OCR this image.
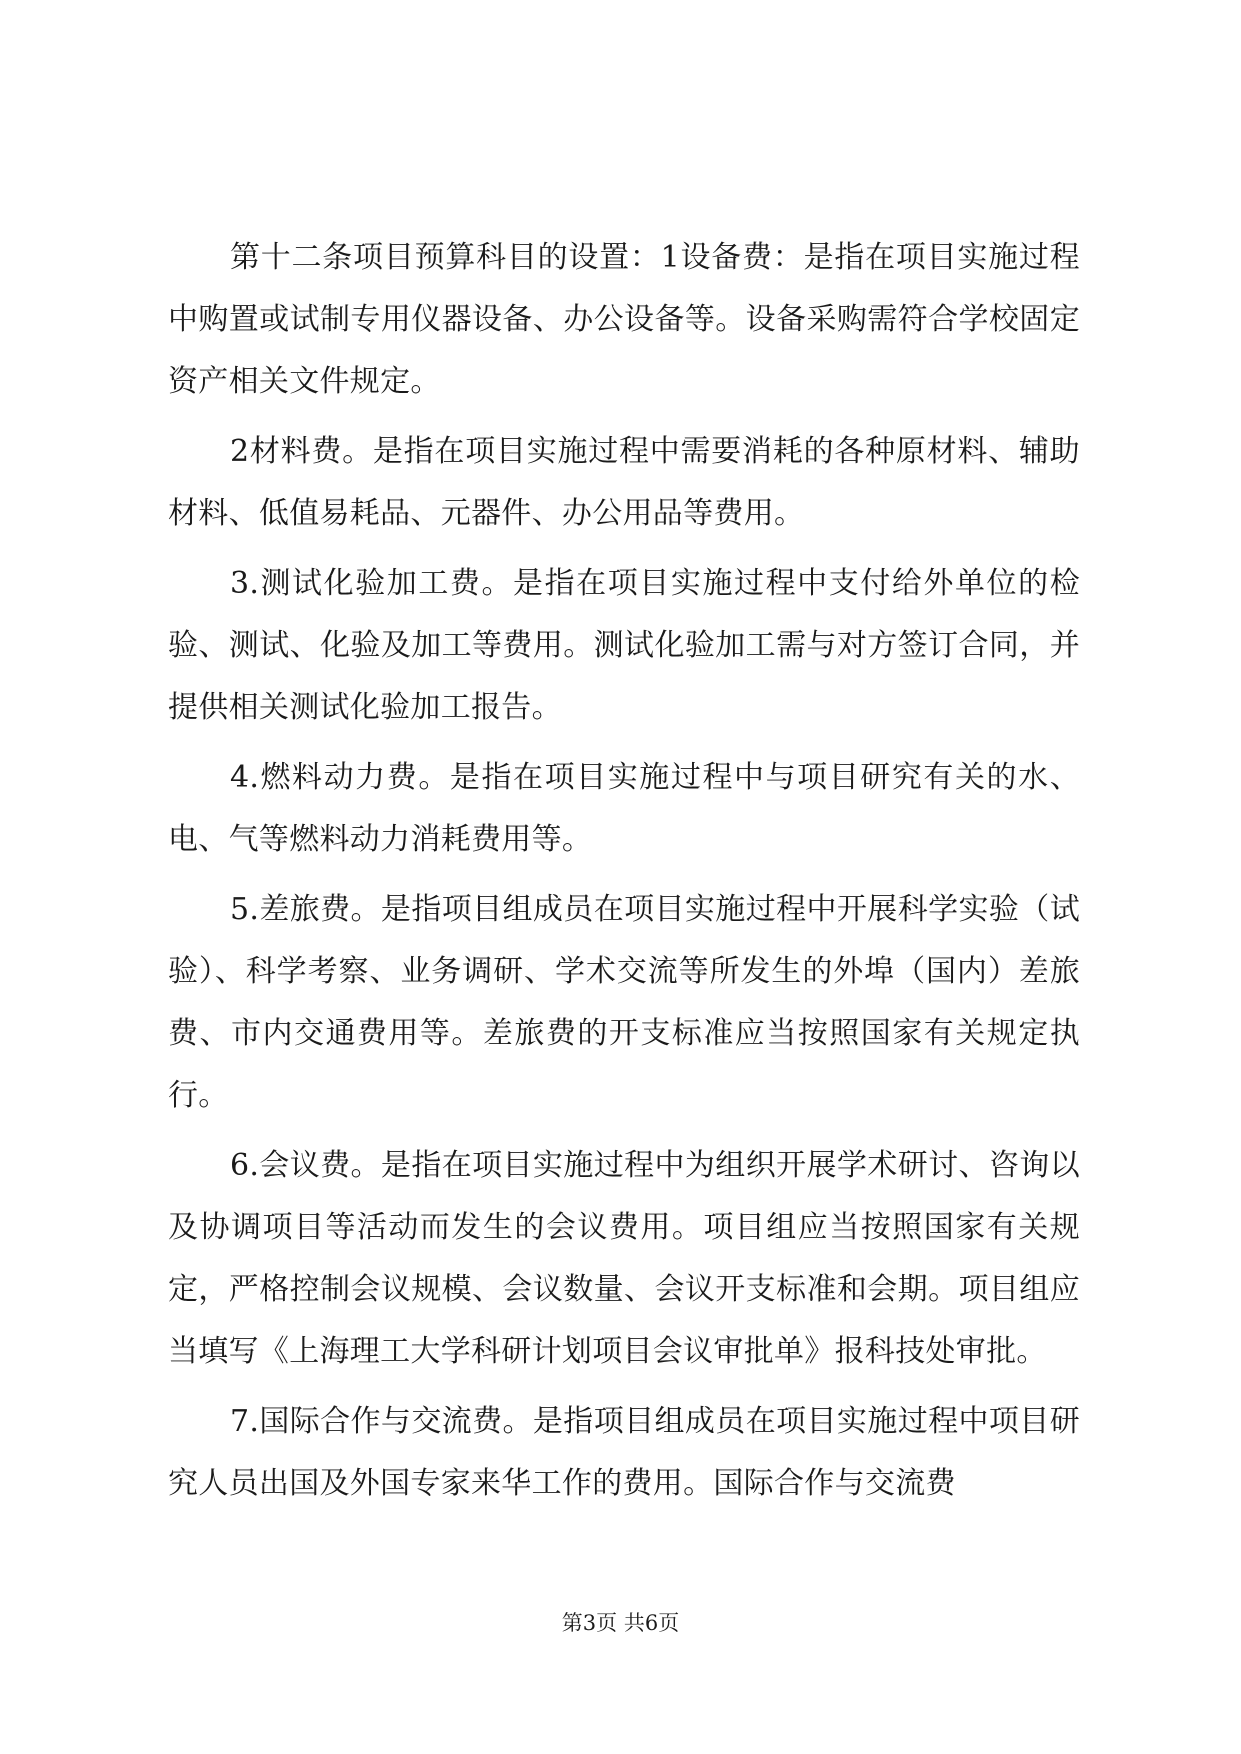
第十二条项目预算科目的设置：1设备费：是指在项目实施过程中购置或试制专用仪器设备、办公设备等。设备采购需符合学校固定资产相关文件规定。

2材料费。是指在项目实施过程中需要消耗的各种原材料、辅助材料、低值易耗品、元器件、办公用品等费用。

3.测试化验加工费。是指在项目实施过程中支付给外单位的检验、测试、化验及加工等费用。测试化验加工需与对方签订合同，并提供相关测试化验加工报告。

4.燃料动力费。是指在项目实施过程中与项目研究有关的水、电、气等燃料动力消耗费用等。

5.差旅费。是指项目组成员在项目实施过程中开展科学实验（试验）、科学考察、业务调研、学术交流等所发生的外埠（国内）差旅费、市内交通费用等。差旅费的开支标准应当按照国家有关规定执行。

6.会议费。是指在项目实施过程中为组织开展学术研讨、咨询以及协调项目等活动而发生的会议费用。项目组应当按照国家有关规定，严格控制会议规模、会议数量、会议开支标准和会期。项目组应当填写《上海理工大学科研计划项目会议审批单》报科技处审批。

7.国际合作与交流费。是指项目组成员在项目实施过程中项目研究人员出国及外国专家来华工作的费用。国际合作与交流费

第3页 共6页
